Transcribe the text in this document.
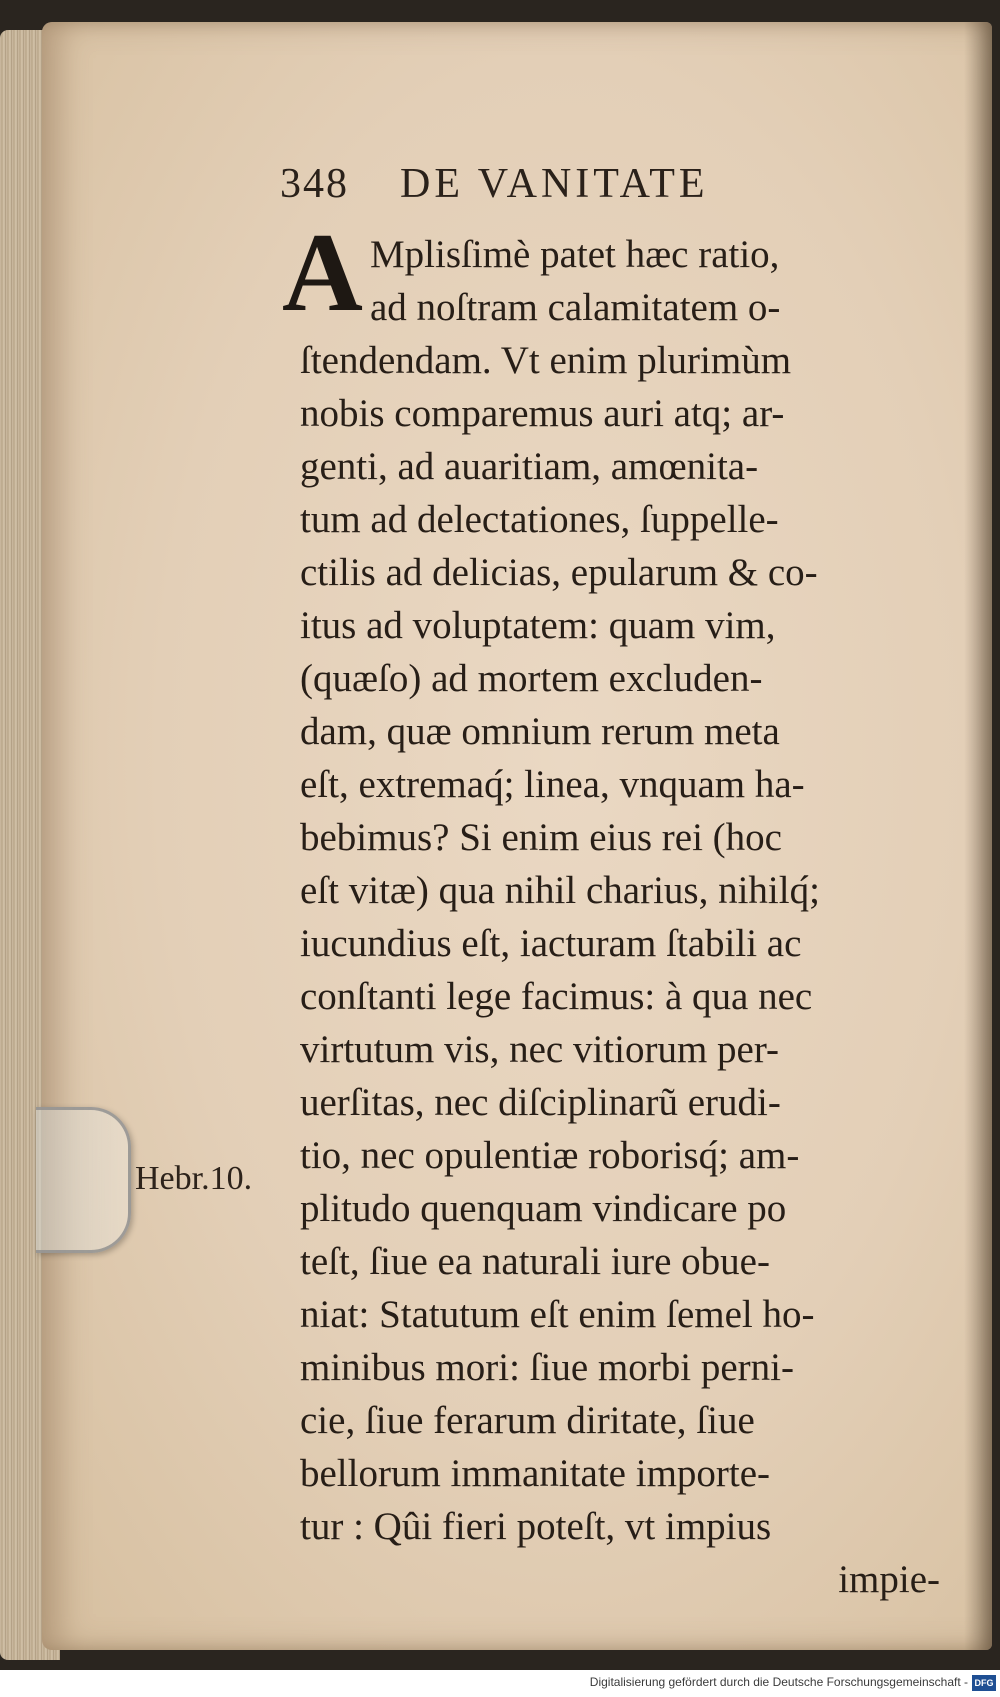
348 DE VANITATE
A Mplisſimè patet hæc ratio,
ad noſtram calamitatem o-
ſtendendam. Vt enim plurimùm
nobis comparemus auri atq; ar-
genti, ad auaritiam, amœnita-
tum ad delectationes, ſuppelle-
ctilis ad delicias, epularum & co-
itus ad voluptatem: quam vim,
(quæſo) ad mortem excluden-
dam, quæ omnium rerum meta
eſt, extremaq́; linea, vnquam ha-
bebimus? Si enim eius rei (hoc
eſt vitæ) qua nihil charius, nihilq́;
iucundius eſt, iacturam ſtabili ac
conſtanti lege facimus: à qua nec
virtutum vis, nec vitiorum per-
uerſitas, nec diſciplinarũ erudi-
tio, nec opulentiæ roborisq́; am-
plitudo quenquam vindicare po
teſt, ſiue ea naturali iure obue-
niat: Statutum eſt enim ſemel ho-
minibus mori: ſiue morbi perni-
cie, ſiue ferarum diritate, ſiue
bellorum immanitate importe-
tur : Qûi fieri poteſt, vt impius
impie-
Hebr.10.
Digitalisierung gefördert durch die Deutsche Forschungsgemeinschaft - DFG
